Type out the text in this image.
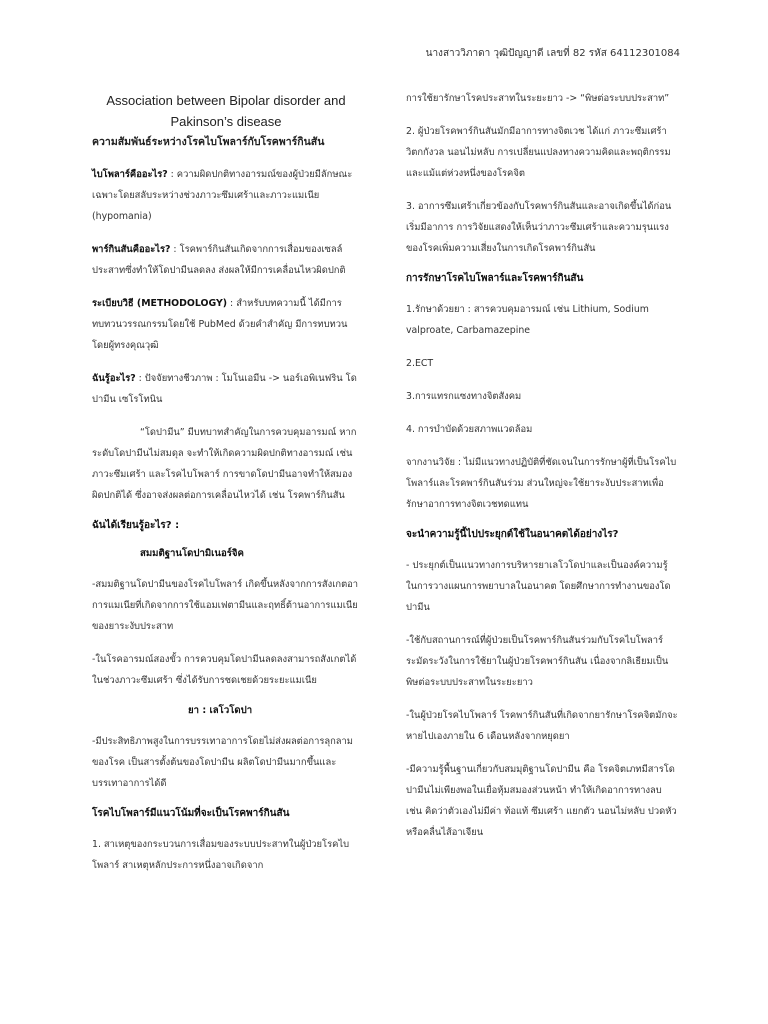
นางสาววิภาดา วุฒิปัญญาดี เลขที่ 82 รหัส 64112301084
Association between Bipolar disorder and
Pakinson’s disease
ความสัมพันธ์ระหว่างโรคไบโพลาร์กับโรคพาร์กินสัน

ไบโพลาร์คืออะไร? : ความผิดปกติทางอารมณ์ของผู้ป่วยมีลักษณะเฉพาะโดยสลับระหว่างช่วงภาวะซึมเศร้าและภาวะแมเนีย (hypomania)

พาร์กินสันคืออะไร? : โรคพาร์กินสันเกิดจากการเสื่อมของเซลล์ประสาทซึ่งทำให้โดปามีนลดลง ส่งผลให้มีการเคลื่อนไหวผิดปกติ

ระเบียบวิธี (METHODOLOGY) : สำหรับบทความนี้ ได้มีการทบทวนวรรณกรรมโดยใช้ PubMed ด้วยคำสำคัญ มีการทบทวนโดยผู้ทรงคุณวุฒิ

ฉันรู้อะไร? : ปัจจัยทางชีวภาพ : โมโนเอมีน -> นอร์เอพิเนฟริน โดปามีน เซโรโทนิน

“โดปามีน” มีบทบาทสำคัญในการควบคุมอารมณ์ หากระดับโดปามีนไม่สมดุล จะทำให้เกิดความผิดปกติทางอารมณ์ เช่น ภาวะซึมเศร้า และโรคไบโพลาร์ การขาดโดปามีนอาจทำให้สมองผิดปกติได้ ซึ่งอาจส่งผลต่อการเคลื่อนไหวได้ เช่น โรคพาร์กินสัน

ฉันได้เรียนรู้อะไร? :
สมมติฐานโดปามิเนอร์จิค

-สมมติฐานโดปามีนของโรคไบโพลาร์ เกิดขึ้นหลังจากการสังเกตอาการแมเนียที่เกิดจากการใช้แอมเฟตามีนและฤทธิ์ต้านอาการแมเนียของยาระงับประสาท

-ในโรคอารมณ์สองขั้ว การควบคุมโดปามีนลดลงสามารถสังเกตได้ในช่วงภาวะซึมเศร้า ซึ่งได้รับการชดเชยด้วยระยะแมเนีย

ยา : เลโวโดปา

-มีประสิทธิภาพสูงในการบรรเทาอาการโดยไม่ส่งผลต่อการลุกลามของโรค เป็นสารตั้งต้นของโดปามีน ผลิตโดปามีนมากขึ้นและบรรเทาอาการได้ดี

โรคไบโพลาร์มีแนวโน้มที่จะเป็นโรคพาร์กินสัน

1. สาเหตุของกระบวนการเสื่อมของระบบประสาทในผู้ป่วยโรคไบโพลาร์ สาเหตุหลักประการหนึ่งอาจเกิดจาก

การใช้ยารักษาโรคประสาทในระยะยาว -> “พิษต่อระบบประสาท”

2. ผู้ป่วยโรคพาร์กินสันมักมีอาการทางจิตเวช ได้แก่ ภาวะซึมเศร้า วิตกกังวล นอนไม่หลับ การเปลี่ยนแปลงทางความคิดและพฤติกรรม และแม้แต่ห่วงหนึ่งของโรคจิต

3. อาการซึมเศร้าเกี่ยวข้องกับโรคพาร์กินสันและอาจเกิดขึ้นได้ก่อนเริ่มมีอาการ การวิจัยแสดงให้เห็นว่าภาวะซึมเศร้าและความรุนแรงของโรคเพิ่มความเสี่ยงในการเกิดโรคพาร์กินสัน

การรักษาโรคไบโพลาร์และโรคพาร์กินสัน

1.รักษาด้วยยา : สารควบคุมอารมณ์ เช่น Lithium, Sodium valproate, Carbamazepine

2.ECT

3.การแทรกแซงทางจิตสังคม

4. การบำบัดด้วยสภาพแวดล้อม

จากงานวิจัย : ไม่มีแนวทางปฏิบัติที่ชัดเจนในการรักษาผู้ที่เป็นโรคไบโพลาร์และโรคพาร์กินสันร่วม ส่วนใหญ่จะใช้ยาระงับประสาทเพื่อรักษาอาการทางจิตเวชทดแทน

จะนำความรู้นี้ไปประยุกต์ใช้ในอนาคตได้อย่างไร?

- ประยุกต์เป็นแนวทางการบริหารยาเลโวโดปาและเป็นองค์ความรู้ในการวางแผนการพยาบาลในอนาคต โดยศึกษาการทำงานของโดปามีน

-ใช้กับสถานการณ์ที่ผู้ป่วยเป็นโรคพาร์กินสันร่วมกับโรคไบโพลาร์ ระมัดระวังในการใช้ยาในผู้ป่วยโรคพาร์กินสัน เนื่องจากลิเธียมเป็นพิษต่อระบบประสาทในระยะยาว

-ในผู้ป่วยโรคไบโพลาร์ โรคพาร์กินสันที่เกิดจากยารักษาโรคจิตมักจะหายไปเองภายใน 6 เดือนหลังจากหยุดยา

-มีความรู้พื้นฐานเกี่ยวกับสมมุติฐานโดปามีน คือ โรคจิตเภทมีสารโดปามีนไม่เพียงพอในเยื่อหุ้มสมองส่วนหน้า ทำให้เกิดอาการทางลบ เช่น คิดว่าตัวเองไม่มีค่า ท้อแท้ ซึมเศร้า แยกตัว นอนไม่หลับ ปวดหัว หรือคลื่นไส้อาเจียน
